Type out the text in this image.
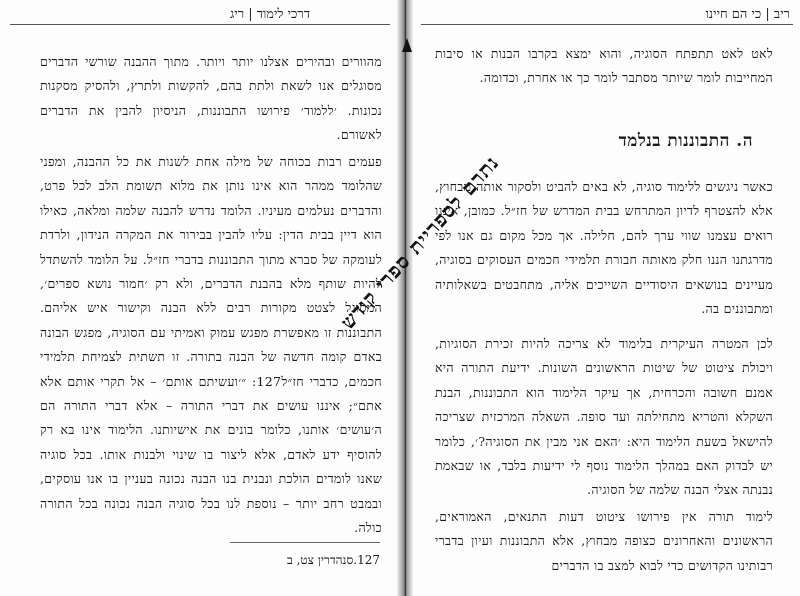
דרכי לימוד | ריג
מהוורים ובהירים אצלנו יותר ויותר. מתוך ההבנה שורשי הדברים מסוגלים אנו לשאת ולתת בהם, להקשות ולתרץ, ולהסיק מסקנות נכונות. ׳ללמוד׳ פירושו התבוננות, הניסיון להבין את הדברים לאשורם.
פעמים רבות בכוחה של מילה אחת לשנות את כל ההבנה, ומפני שהלומד ממהר הוא אינו נותן את מלוא תשומת הלב לכל פרט, והדברים נעלמים מעיניו. הלומד נדרש להבנה שלמה ומלאה, כאילו הוא דיין בבית הדין: עליו להבין בבירור את המקרה הנידון, ולרדת לעומקה של סברא מתוך התבוננות בדברי חז״ל. על הלומד להשתדל להיות שותף מלא בהבנת הדברים, ולא רק ׳חמור נושא ספרים׳, המסוגל לצטט מקורות רבים ללא הבנה וקישור איש אליהם. התבוננות זו מאפשרת מפגש עמוק ואמיתי עם הסוגיה, מפגש הבונה באדם קומה חדשה של הבנה בתורה. זו תשתית לצמיחת תלמידי חכמים, כדברי חז״ל127: ״׳ועשיתם אותם׳ – אל תקרי אותם אלא אתם״; איננו עושים את דברי התורה – אלא דברי התורה הם ה׳עושים׳ אותנו, כלומר בונים את אישיותנו. הלימוד אינו בא רק להוסיף ידע לאדם, אלא ליצור בו שינוי ולבנות אותו. בכל סוגיה שאנו לומדים הולכת ונבנית בנו הבנה נכונה בעניין בו אנו עוסקים, ובמבט רחב יותר – נוספת לנו בכל סוגיה הבנה נכונה בכל התורה כולה.
127.סנהדרין צט, ב
ריב | כי הם חיינו
לאט לאט תתפתח הסוגיה, והוא ימצא בקרבו הבנות או סיבות המחייבות לומר שיותר מסתבר לומר כך או אחרת, וכדומה.
ה. התבוננות בנלמד
כאשר ניגשים ללימוד סוגיה, לא באים להביט ולסקור אותה מבחוץ, אלא להצטרף לדיון המתרחש בבית המדרש של חז״ל. כמובן, איננו רואים עצמנו שווי ערך להם, חלילה. אך מכל מקום גם אנו לפי מדרגתנו הננו חלק מאותה חבורת תלמידי חכמים העסוקים בסוגיה, מעיינים בנושאים היסודיים השייכים אליה, מתחבטים בשאלותיה ומתבוננים בה.
לכן המטרה העיקרית בלימוד לא צריכה להיות זכירת הסוגיות, ויכולת ציטוט של שיטות הראשונים השונות. ידיעת התורה היא אמנם חשובה והכרחית, אך עיקר הלימוד הוא התבוננות, הבנת השקלא והטריא מתחילתה ועד סופה. השאלה המרכזית שצריכה להישאל בשעת הלימוד היא: ׳האם אני מבין את הסוגיה?׳, כלומר יש לבדוק האם במהלך הלימוד נוסף לי ידיעות בלבד, או שבאמת נבנתה אצלי הבנה שלמה של הסוגיה.
לימוד תורה אין פירושו ציטוט דעות התנאים, האמוראים, הראשונים והאחרונים כצופה מבחוץ, אלא התבוננות ועיון בדברי רבותינו הקדושים כדי לבוא למצב בו הדברים
נתרם לספריית ספרי קודש
